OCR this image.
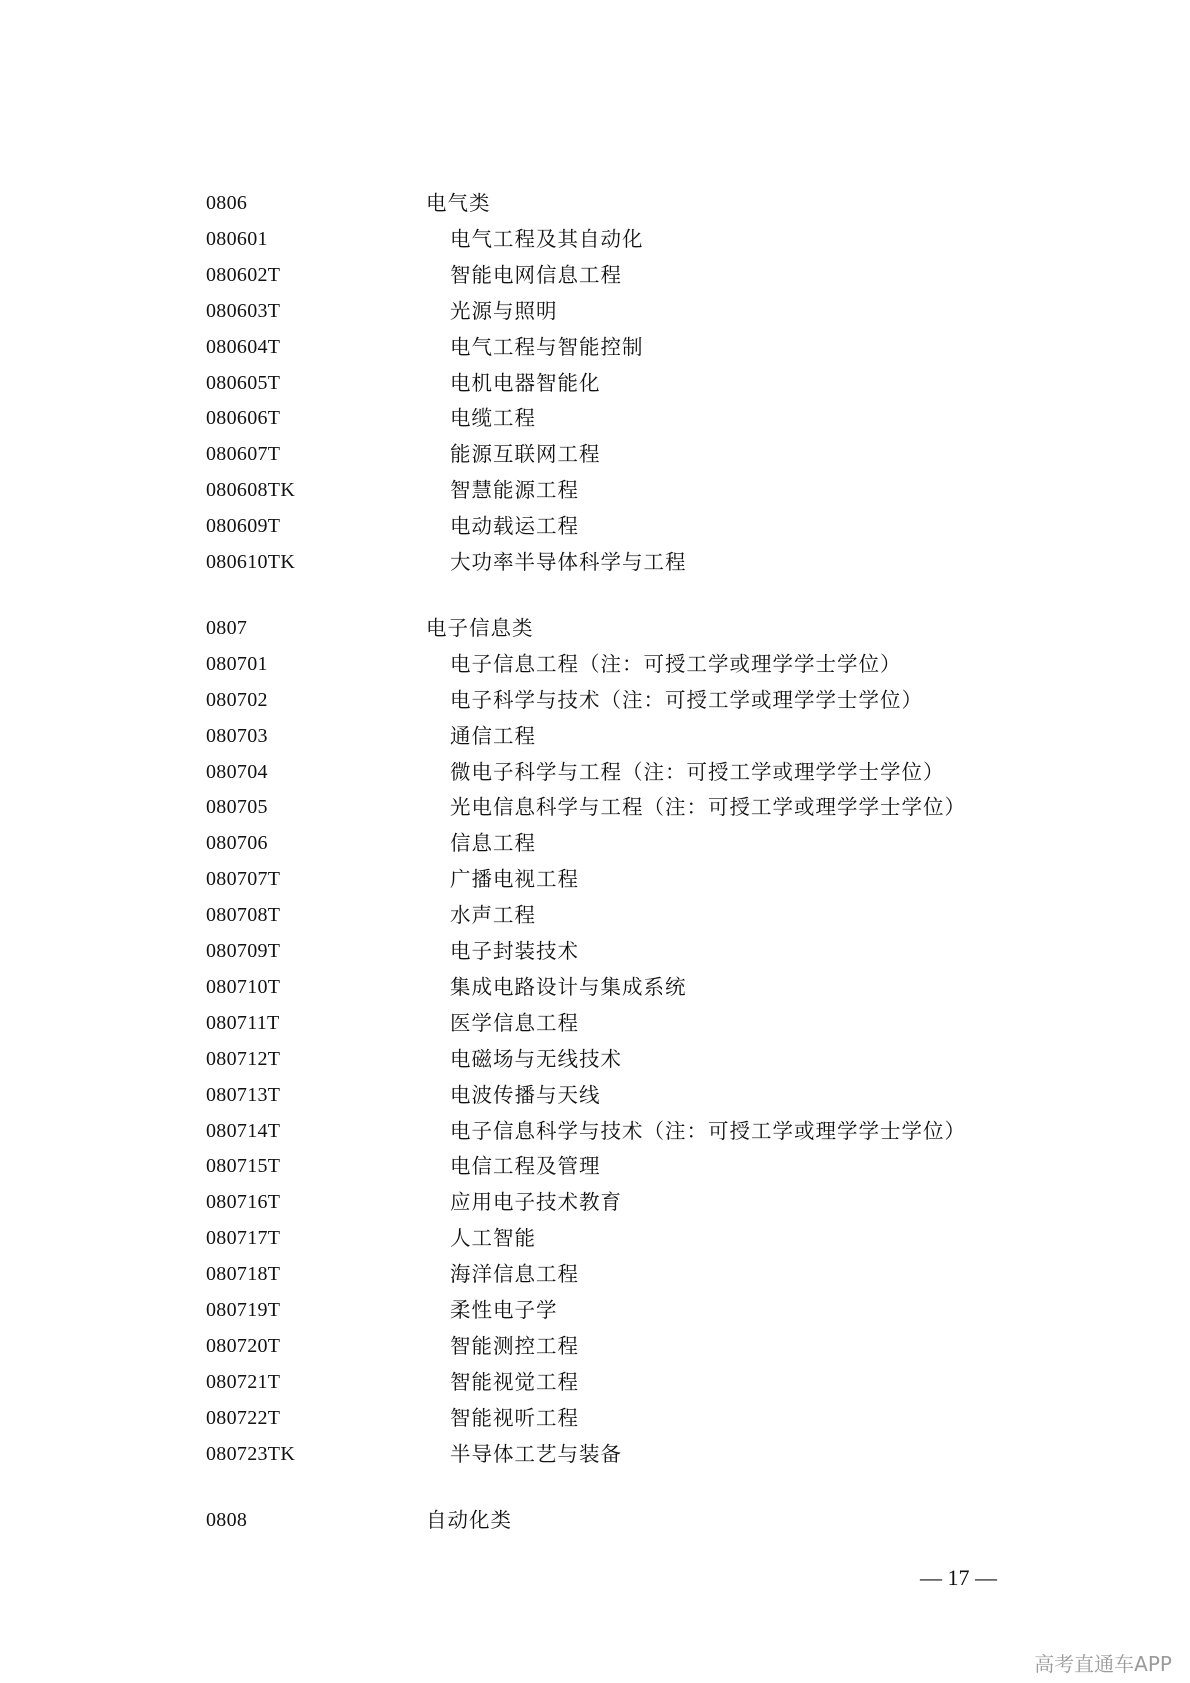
0806	电气类
080601	电气工程及其自动化
080602T	智能电网信息工程
080603T	光源与照明
080604T	电气工程与智能控制
080605T	电机电器智能化
080606T	电缆工程
080607T	能源互联网工程
080608TK	智慧能源工程
080609T	电动载运工程
080610TK	大功率半导体科学与工程
0807	电子信息类
080701	电子信息工程（注：可授工学或理学学士学位）
080702	电子科学与技术（注：可授工学或理学学士学位）
080703	通信工程
080704	微电子科学与工程（注：可授工学或理学学士学位）
080705	光电信息科学与工程（注：可授工学或理学学士学位）
080706	信息工程
080707T	广播电视工程
080708T	水声工程
080709T	电子封装技术
080710T	集成电路设计与集成系统
080711T	医学信息工程
080712T	电磁场与无线技术
080713T	电波传播与天线
080714T	电子信息科学与技术（注：可授工学或理学学士学位）
080715T	电信工程及管理
080716T	应用电子技术教育
080717T	人工智能
080718T	海洋信息工程
080719T	柔性电子学
080720T	智能测控工程
080721T	智能视觉工程
080722T	智能视听工程
080723TK	半导体工艺与装备
0808	自动化类
— 17 —
高考直通车APP
